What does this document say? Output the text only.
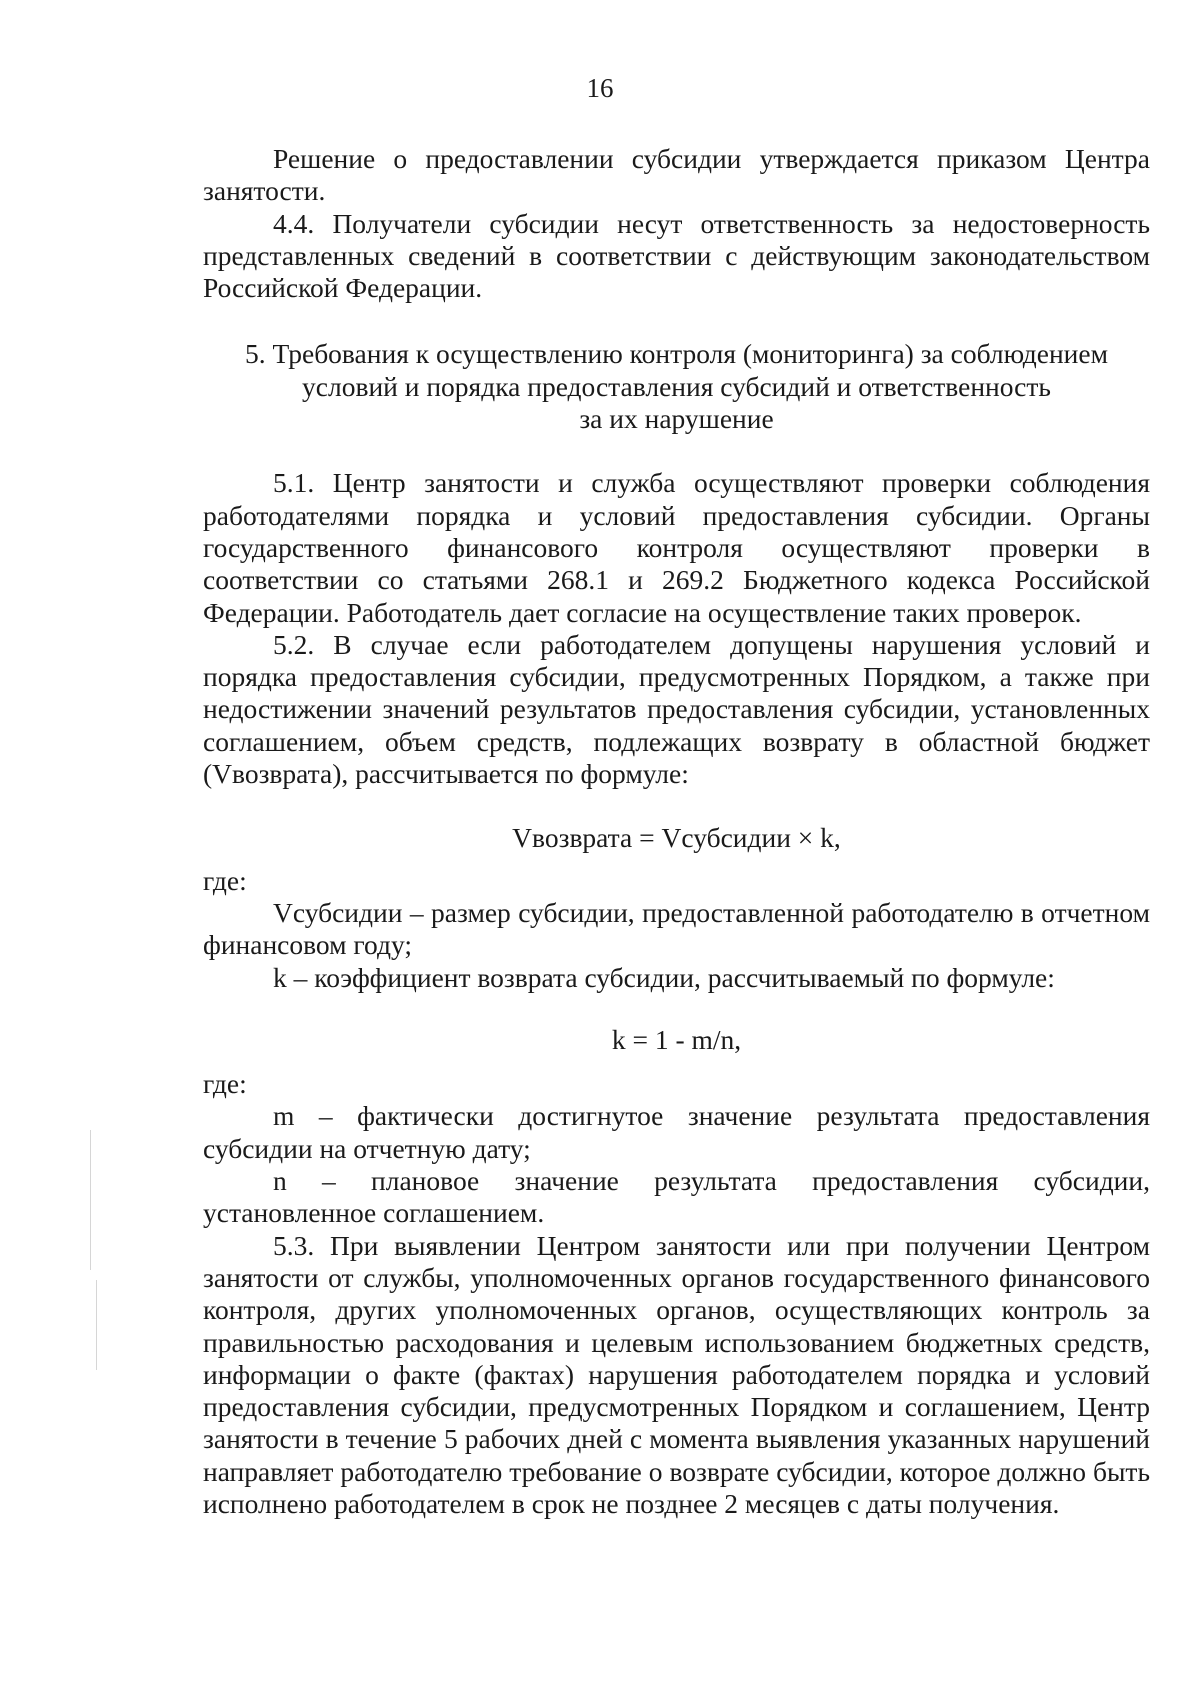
16

Решение о предоставлении субсидии утверждается приказом Центра занятости.

4.4. Получатели субсидии несут ответственность за недостоверность представленных сведений в соответствии с действующим законодательством Российской Федерации.

5. Требования к осуществлению контроля (мониторинга) за соблюдением
условий и порядка предоставления субсидий и ответственность
за их нарушение

5.1. Центр занятости и служба осуществляют проверки соблюдения работодателями порядка и условий предоставления субсидии. Органы государственного финансового контроля осуществляют проверки в соответствии со статьями 268.1 и 269.2 Бюджетного кодекса Российской Федерации. Работодатель дает согласие на осуществление таких проверок.

5.2. В случае если работодателем допущены нарушения условий и порядка предоставления субсидии, предусмотренных Порядком, а также при недостижении значений результатов предоставления субсидии, установленных соглашением, объем средств, подлежащих возврату в областной бюджет (Vвозврата), рассчитывается по формуле:

Vвозврата = Vсубсидии × k,

где:

Vсубсидии – размер субсидии, предоставленной работодателю в отчетном финансовом году;

k – коэффициент возврата субсидии, рассчитываемый по формуле:

k = 1 - m/n,

где:

m – фактически достигнутое значение результата предоставления субсидии на отчетную дату;

n – плановое значение результата предоставления субсидии, установленное соглашением.

5.3. При выявлении Центром занятости или при получении Центром занятости от службы, уполномоченных органов государственного финансового контроля, других уполномоченных органов, осуществляющих контроль за правильностью расходования и целевым использованием бюджетных средств, информации о факте (фактах) нарушения работодателем порядка и условий предоставления субсидии, предусмотренных Порядком и соглашением, Центр занятости в течение 5 рабочих дней с момента выявления указанных нарушений направляет работодателю требование о возврате субсидии, которое должно быть исполнено работодателем в срок не позднее 2 месяцев с даты получения.
